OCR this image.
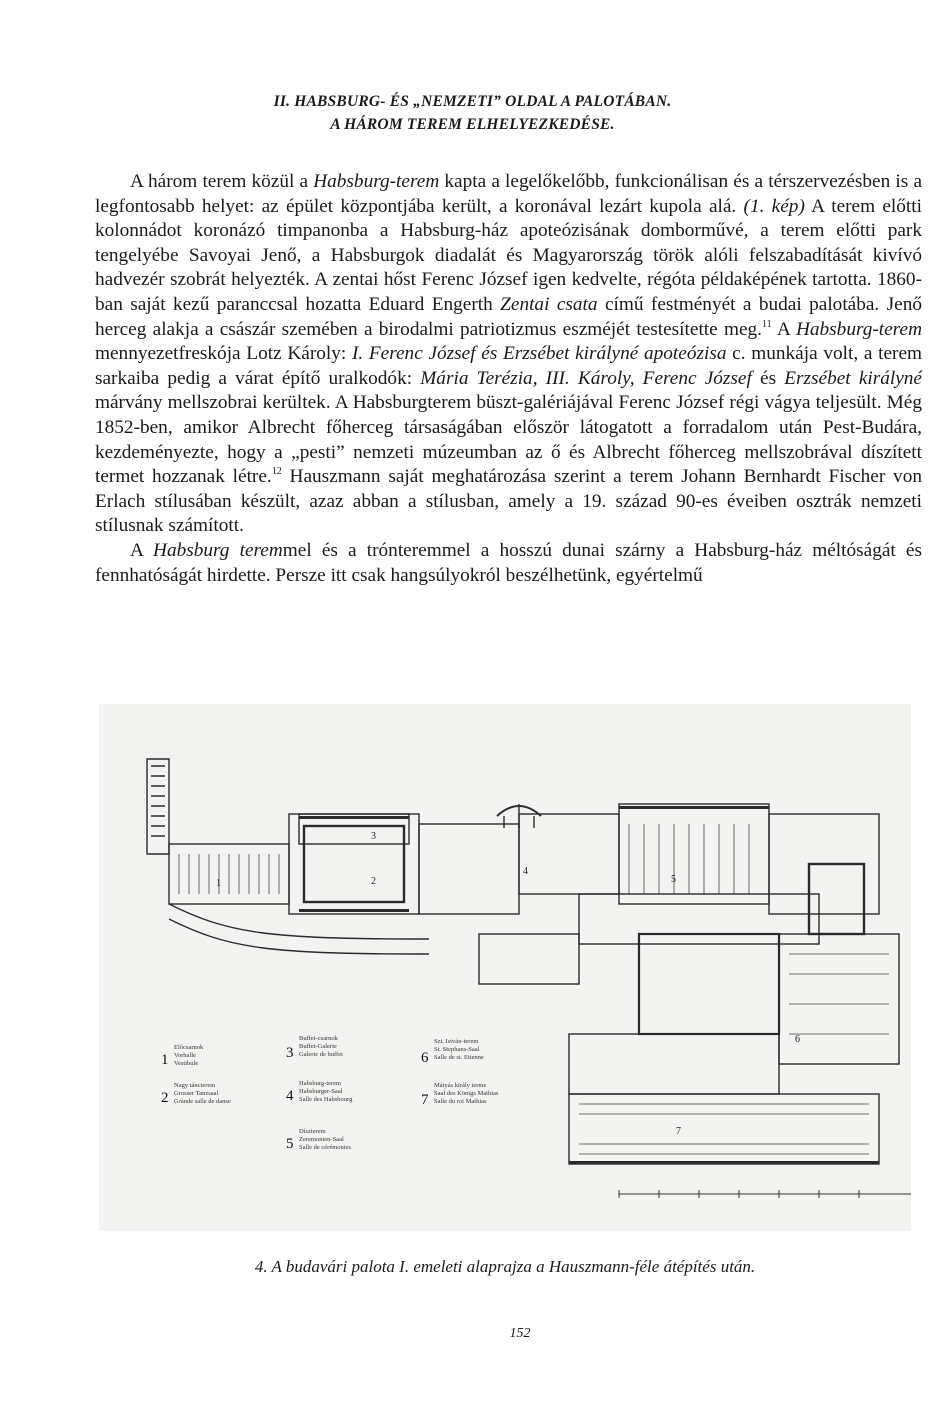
II. HABSBURG- ÉS „NEMZETI” OLDAL A PALOTÁBAN.
A HÁROM TEREM ELHELYEZKEDÉSE.

A három terem közül a Habsburg-terem kapta a legelőkelőbb, funkcionálisan és a térszervezésben is a legfontosabb helyet: az épület központjába került, a koronával lezárt kupola alá. (1. kép) A terem előtti kolonnádot koronázó timpanonba a Habsburg-ház apoteózisának domborművé, a terem előtti park tengelyébe Savoyai Jenő, a Habsburgok diadalát és Magyarország török alóli felszabadítását kivívó hadvezér szobrát helyezték. A zentai hőst Ferenc József igen kedvelte, régóta példaképének tartotta. 1860-ban saját kezű paranccsal hozatta Eduard Engerth Zentai csata című festményét a budai palotába. Jenő herceg alakja a császár szemében a birodalmi patriotizmus eszméjét testesítette meg.$^{11}$ A Habsburg-terem mennyezetfreskója Lotz Károly: I. Ferenc József és Erzsébet királyné apoteózisa c. munkája volt, a terem sarkaiba pedig a várat építő uralkodók: Mária Terézia, III. Károly, Ferenc József és Erzsébet királyné márvány mellszobrai kerültek. A Habsburgterem büszt-galériájával Ferenc József régi vágya teljesült. Még 1852-ben, amikor Albrecht főherceg társaságában először látogatott a forradalom után Pest-Budára, kezdeményezte, hogy a „pesti” nemzeti múzeumban az ő és Albrecht főherceg mellszobrával díszített termet hozzanak létre.$^{12}$ Hauszmann saját meghatározása szerint a terem Johann Bernhardt Fischer von Erlach stílusában készült, azaz abban a stílusban, amely a 19. század 90-es éveiben osztrák nemzeti stílusnak számított.

A Habsburg teremmel és a trónteremmel a hosszú dunai szárny a Habsburg-ház méltóságát és fennhatóságát hirdette. Persze itt csak hangsúlyokról beszélhetünk, egyértelmű

1	2
3
4
5
6
7
1
Előcsarnok
Vorhalle
Vestibule
2
Nagy táncterem
Grosser Tanzsaal
Grande salle de danse
3
Buffet-csarnok
Buffet-Galerie
Galerie de buffet
4
Habsburg-terem
Habsburger-Saal
Salle des Habsbourg
5
Díszterem
Zeremonien-Saal
Salle de cérémonies
6
Szt. István-terem
St. Stephans-Saal
Salle de st. Etienne
7
Mátyás király terme
Saal des Königs Mathias
Salle du roi Mathias
4. A budavári palota I. emeleti alaprajza a Hauszmann-féle átépítés után.
152
